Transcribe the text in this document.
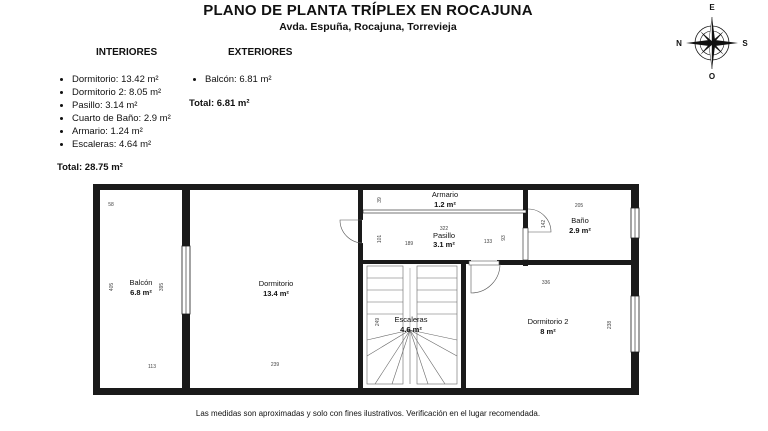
PLANO DE PLANTA TRÍPLEX EN ROCAJUNA
Avda. Espuña, Rocajuna, Torrevieja
INTERIORES	EXTERIORES
• Dormitorio: 13.42 m²
• Dormitorio 2: 8.05 m²
• Pasillo: 3.14 m²
• Cuarto de Baño: 2.9 m²
• Armario: 1.24 m²
• Escaleras: 4.64 m²
Total: 28.75 m²
• Balcón: 6.81 m²
Total: 6.81 m²
E
N	S
O
Balcón
6.8 m²
Dormitorio
13.4 m²
Armario
1.2 m²
Pasillo
3.1 m²
Baño
2.9 m²
Escaleras
4.6 m²
Dormitorio 2
8 m²
58
405	395
113	239
39
322
101
189	133
93
142
205
336
238
249
Las medidas son aproximadas y solo con fines ilustrativos. Verificación en el lugar recomendada.
